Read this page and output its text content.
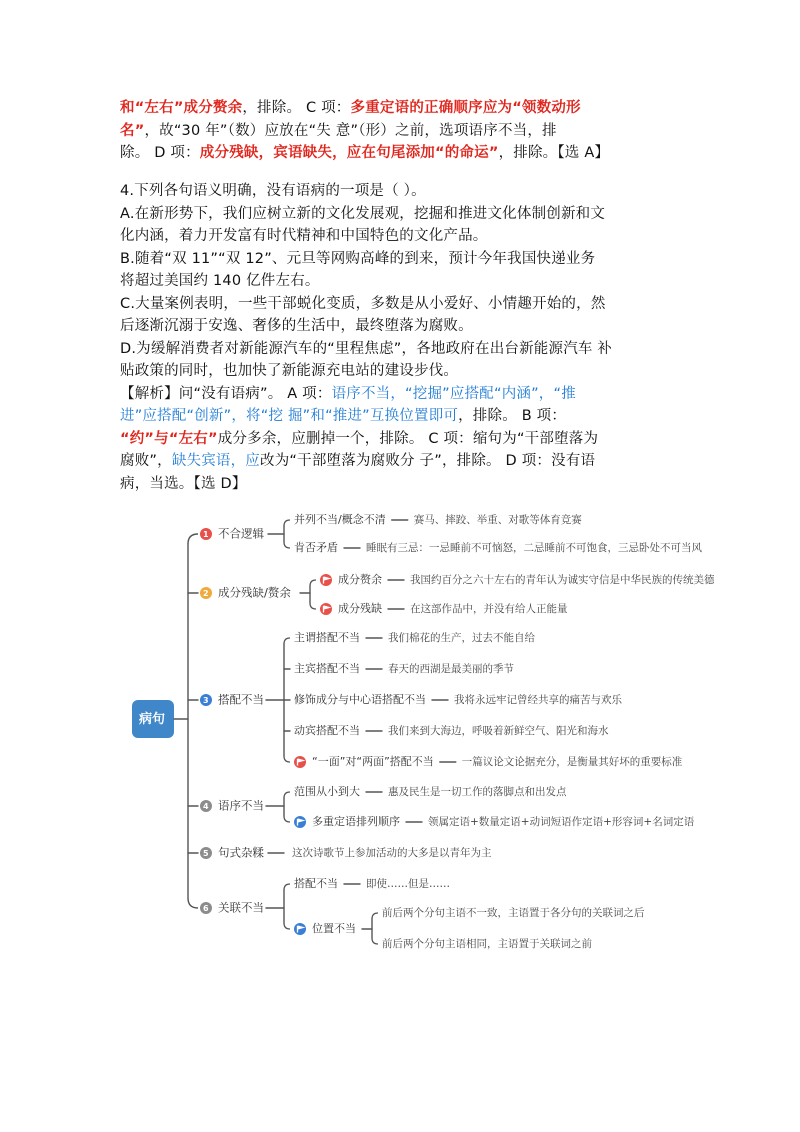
和“左右”成分赘余，排除。 C 项：多重定语的正确顺序应为“领数动形
名”，故“30 年”（数）应放在“失 意”（形）之前，选项语序不当，排
除。 D 项：成分残缺，宾语缺失，应在句尾添加“的命运”，排除。【选 A】
4.下列各句语义明确，没有语病的一项是（ ）。
A.在新形势下，我们应树立新的文化发展观，挖掘和推进文化体制创新和文
化内涵，着力开发富有时代精神和中国特色的文化产品。
B.随着“双 11”“双 12”、元旦等网购高峰的到来，预计今年我国快递业务
将超过美国约 140 亿件左右。
C.大量案例表明，一些干部蜕化变质，多数是从小爱好、小情趣开始的，然
后逐渐沉溺于安逸、奢侈的生活中，最终堕落为腐败。
D.为缓解消费者对新能源汽车的“里程焦虑”，各地政府在出台新能源汽车 补
贴政策的同时，也加快了新能源充电站的建设步伐。
【解析】问“没有语病”。 A 项：语序不当，“挖掘”应搭配“内涵”，“推
进”应搭配“创新”，将“挖 掘”和“推进”互换位置即可，排除。 B 项：
“约”与“左右”成分多余，应删掉一个，排除。 C 项：缩句为“干部堕落为
腐败”，缺失宾语，应改为“干部堕落为腐败分 子”，排除。 D 项：没有语
病，当选。【选 D】
病句
1 不合逻辑
2 成分残缺/赘余
3 搭配不当
4 语序不当
5 句式杂糅
6 关联不当
并列不当/概念不清	赛马、摔跤、举重、对歌等体育竞赛
肯否矛盾	睡眠有三忌：一忌睡前不可恼怒，二忌睡前不可饱食，三忌卧处不可当风
成分赘余	我国约百分之六十左右的青年认为诚实守信是中华民族的传统美德
成分残缺	在这部作品中，并没有给人正能量
主谓搭配不当	我们棉花的生产，过去不能自给
主宾搭配不当	春天的西湖是最美丽的季节
修饰成分与中心语搭配不当	我将永远牢记曾经共享的痛苦与欢乐
动宾搭配不当	我们来到大海边，呼吸着新鲜空气、阳光和海水
“一面”对“两面”搭配不当	一篇议论文论据充分，是衡量其好坏的重要标准
范围从小到大	惠及民生是一切工作的落脚点和出发点
多重定语排列顺序	领属定语+数量定语+动词短语作定语+形容词+名词定语
这次诗歌节上参加活动的大多是以青年为主
搭配不当	即使……但是……
位置不当
前后两个分句主语不一致，主语置于各分句的关联词之后
前后两个分句主语相同，主语置于关联词之前
